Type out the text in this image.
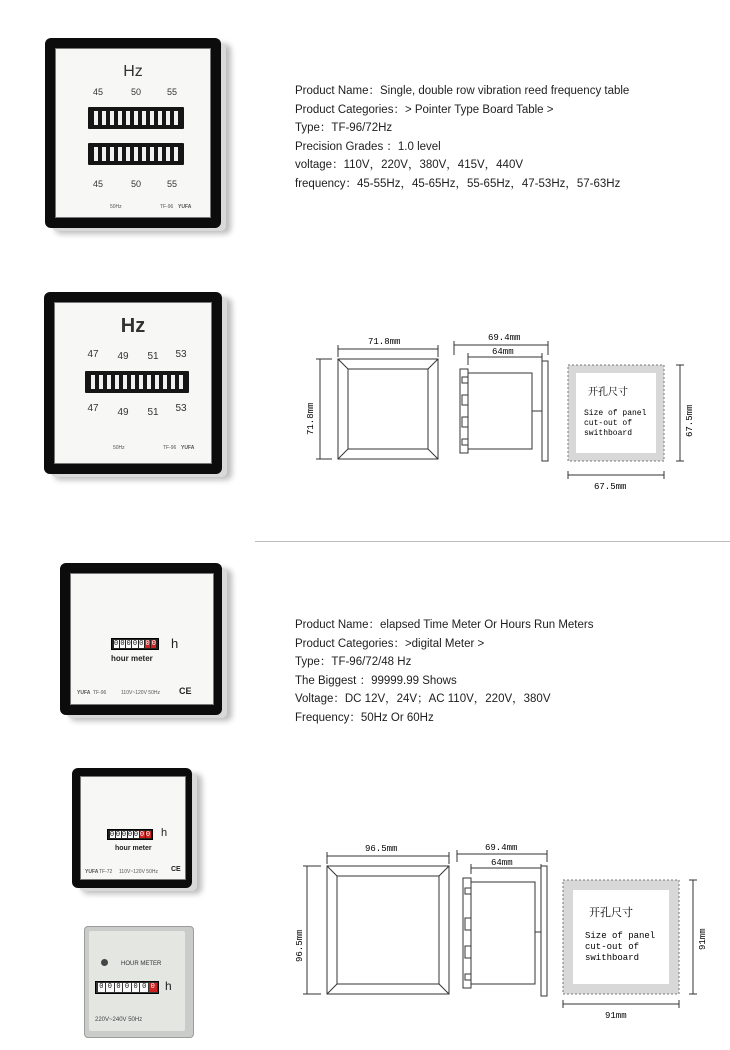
Hz
45	50	55
45	50	55
50Hz	TF-96 YUFA
Product Name：Single, double row vibration reed frequency table
Product Categories：> Pointer Type Board Table >
Type：TF-96/72Hz
Precision Grades ：1.0 level
voltage：110V，220V，380V，415V，440V
frequency：45-55Hz，45-65Hz，55-65Hz，47-53Hz，57-63Hz
Hz
47 49 51 53
47 49 51 53
50Hz	TF-96 YUFA
71.8mm
71.8mm
69.4mm
64mm
开孔尺寸
Size of panel
cut-out of
swithboard
67.5mm
67.5mm
0 0 0 0 0 0 0 h
hour meter
YUFA TF-96	110V~120V 50Hz CE
Product Name：elapsed Time Meter Or Hours Run Meters
Product Categories：>digital Meter >
Type：TF-96/72/48 Hz
The Biggest ：99999.99 Shows
Voltage：DC 12V，24V；AC 110V，220V，380V
Frequency：50Hz Or 60Hz
0 0 0 0 0 0 0 h
hour meter
YUFA TF-72 110V~120V 50Hz CE
HOUR METER
0 0 0 0 0 0 0 h
220V~240V 50Hz
96.5mm
96.5mm
69.4mm
64mm
开孔尺寸
Size of panel
cut-out of
swithboard
91mm
91mm
